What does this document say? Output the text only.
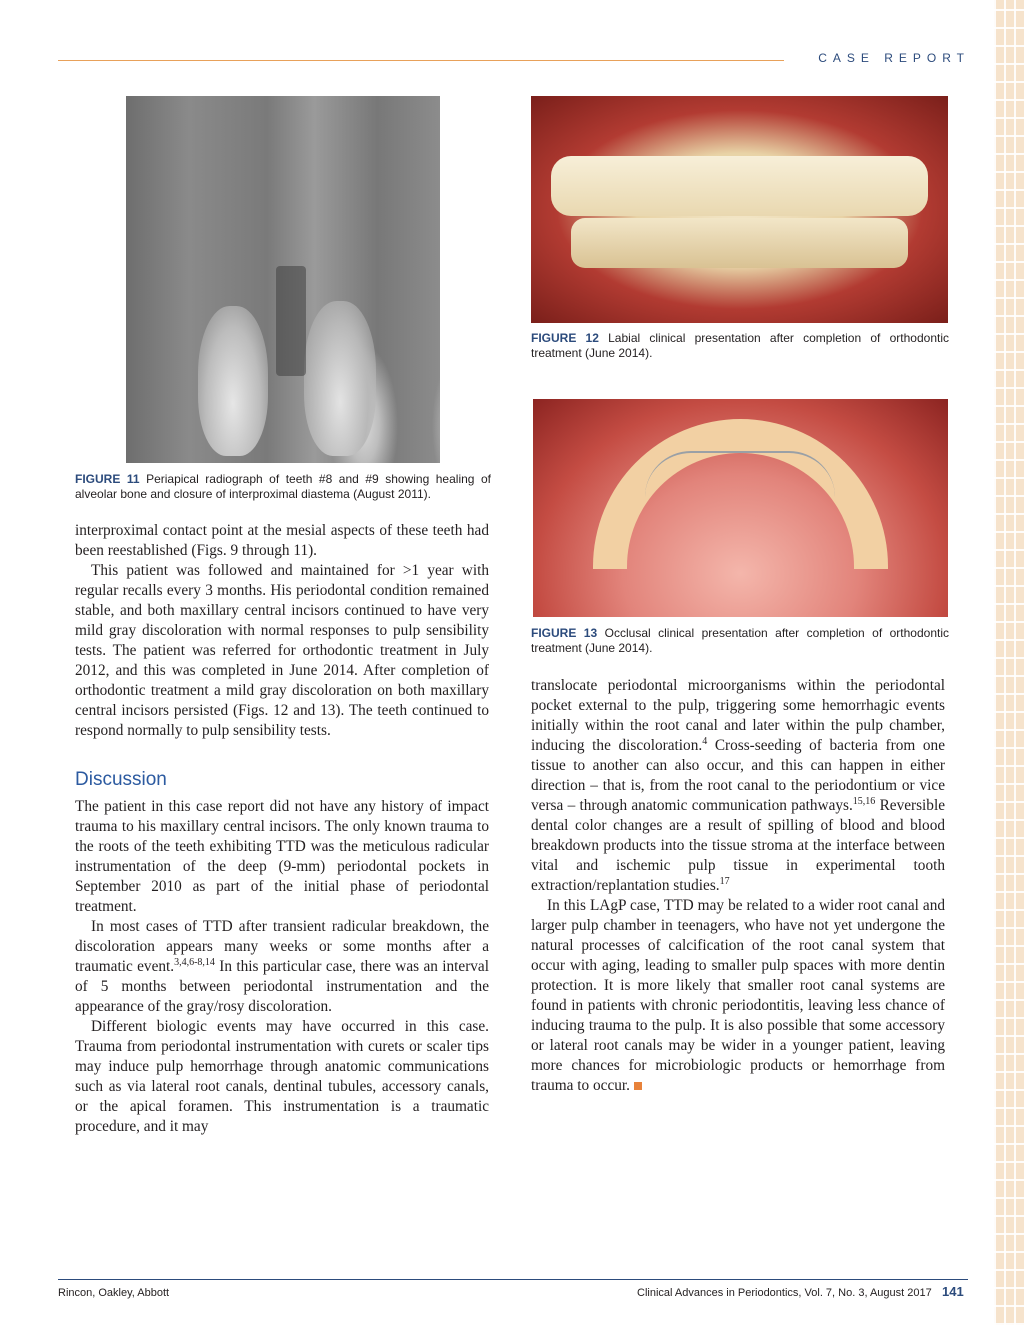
CASE REPORT
FIGURE 11 Periapical radiograph of teeth #8 and #9 showing healing of alveolar bone and closure of interproximal diastema (August 2011).
FIGURE 12 Labial clinical presentation after completion of orthodontic treatment (June 2014).
FIGURE 13 Occlusal clinical presentation after completion of orthodontic treatment (June 2014).

interproximal contact point at the mesial aspects of these teeth had been reestablished (Figs. 9 through 11).

This patient was followed and maintained for >1 year with regular recalls every 3 months. His periodontal condition remained stable, and both maxillary central incisors continued to have very mild gray discoloration with normal responses to pulp sensibility tests. The patient was referred for orthodontic treatment in July 2012, and this was completed in June 2014. After completion of orthodontic treatment a mild gray discoloration on both maxillary central incisors persisted (Figs. 12 and 13). The teeth continued to respond normally to pulp sensibility tests.

Discussion

The patient in this case report did not have any history of impact trauma to his maxillary central incisors. The only known trauma to the roots of the teeth exhibiting TTD was the meticulous radicular instrumentation of the deep (9-mm) periodontal pockets in September 2010 as part of the initial phase of periodontal treatment.

In most cases of TTD after transient radicular breakdown, the discoloration appears many weeks or some months after a traumatic event.$^{3,4,6-8,14}$ In this particular case, there was an interval of 5 months between periodontal instrumentation and the appearance of the gray/rosy discoloration.

Different biologic events may have occurred in this case. Trauma from periodontal instrumentation with curets or scaler tips may induce pulp hemorrhage through anatomic communications such as via lateral root canals, dentinal tubules, accessory canals, or the apical foramen. This instrumentation is a traumatic procedure, and it may

translocate periodontal microorganisms within the periodontal pocket external to the pulp, triggering some hemorrhagic events initially within the root canal and later within the pulp chamber, inducing the discoloration.$^4$ Cross-seeding of bacteria from one tissue to another can also occur, and this can happen in either direction – that is, from the root canal to the periodontium or vice versa – through anatomic communication pathways.$^{15,16}$ Reversible dental color changes are a result of spilling of blood and blood breakdown products into the tissue stroma at the interface between vital and ischemic pulp tissue in experimental tooth extraction/replantation studies.$^{17}$

In this LAgP case, TTD may be related to a wider root canal and larger pulp chamber in teenagers, who have not yet undergone the natural processes of calcification of the root canal system that occur with aging, leading to smaller pulp spaces with more dentin protection. It is more likely that smaller root canal systems are found in patients with chronic periodontitis, leaving less chance of inducing trauma to the pulp. It is also possible that some accessory or lateral root canals may be wider in a younger patient, leaving more chances for microbiologic products or hemorrhage from trauma to occur.

Rincon, Oakley, Abbott	Clinical Advances in Periodontics, Vol. 7, No. 3, August 2017 141
